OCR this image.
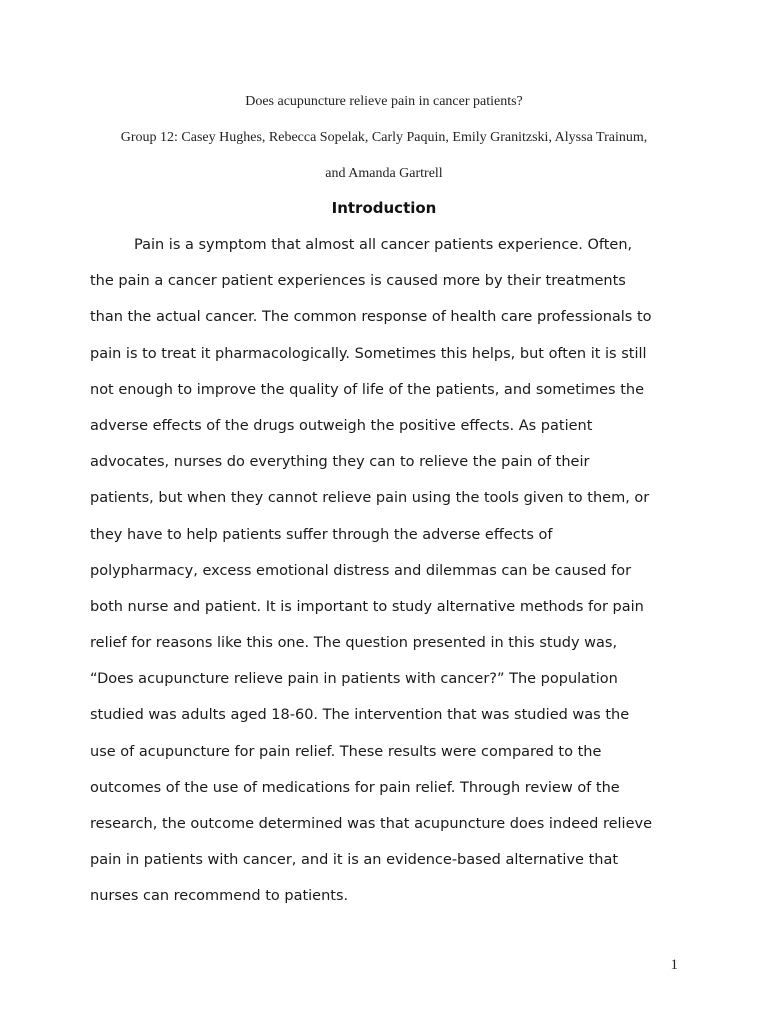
Does acupuncture relieve pain in cancer patients?
Group 12: Casey Hughes, Rebecca Sopelak, Carly Paquin, Emily Granitzski, Alyssa Trainum,
and Amanda Gartrell
Introduction
Pain is a symptom that almost all cancer patients experience. Often,
the pain a cancer patient experiences is caused more by their treatments
than the actual cancer. The common response of health care professionals to
pain is to treat it pharmacologically. Sometimes this helps, but often it is still
not enough to improve the quality of life of the patients, and sometimes the
adverse effects of the drugs outweigh the positive effects. As patient
advocates, nurses do everything they can to relieve the pain of their
patients, but when they cannot relieve pain using the tools given to them, or
they have to help patients suffer through the adverse effects of
polypharmacy, excess emotional distress and dilemmas can be caused for
both nurse and patient. It is important to study alternative methods for pain
relief for reasons like this one. The question presented in this study was,
“Does acupuncture relieve pain in patients with cancer?” The population
studied was adults aged 18-60. The intervention that was studied was the
use of acupuncture for pain relief. These results were compared to the
outcomes of the use of medications for pain relief. Through review of the
research, the outcome determined was that acupuncture does indeed relieve
pain in patients with cancer, and it is an evidence-based alternative that
nurses can recommend to patients.
1
